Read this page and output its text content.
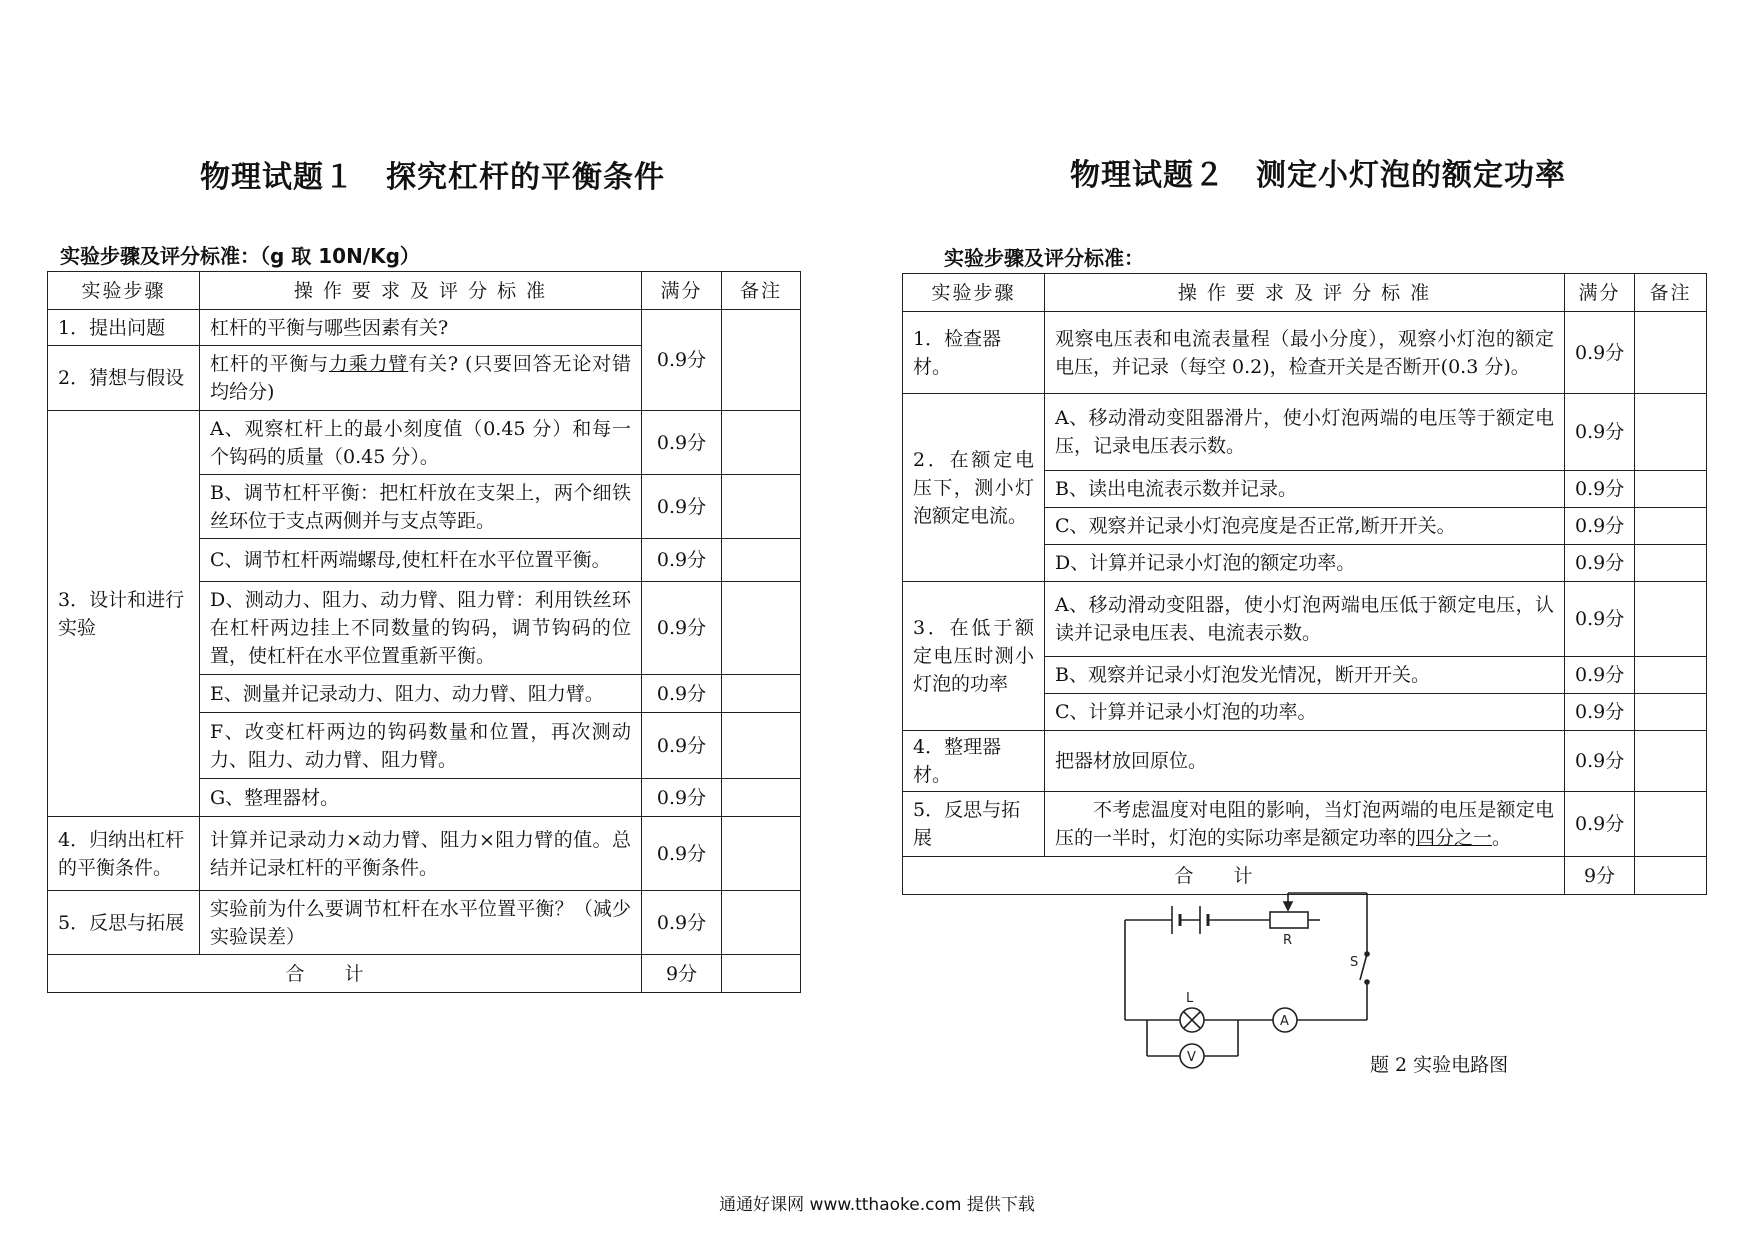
物理试题１　探究杠杆的平衡条件
实验步骤及评分标准：（g 取 10N/Kg）
实验步骤	操 作 要 求 及 评 分 标 准	满分	备注
1．提出问题	杠杆的平衡与哪些因素有关?	0.9分	
2．猜想与假设	杠杆的平衡与力乘力臂有关? (只要回答无论对错均给分)		
3．设计和进行实验	A、观察杠杆上的最小刻度值（0.45 分）和每一个钩码的质量（0.45 分）。	0.9分	
	B、调节杠杆平衡：把杠杆放在支架上，两个细铁丝环位于支点两侧并与支点等距。	0.9分	
	C、调节杠杆两端螺母,使杠杆在水平位置平衡。	0.9分	
	D、测动力、阻力、动力臂、阻力臂：利用铁丝环在杠杆两边挂上不同数量的钩码，调节钩码的位置，使杠杆在水平位置重新平衡。	0.9分	
	E、测量并记录动力、阻力、动力臂、阻力臂。	0.9分	
	F、改变杠杆两边的钩码数量和位置，再次测动力、阻力、动力臂、阻力臂。	0.9分	
	G、整理器材。	0.9分	
4．归纳出杠杆的平衡条件。	计算并记录动力×动力臂、阻力×阻力臂的值。总结并记录杠杆的平衡条件。	0.9分	
5．反思与拓展	实验前为什么要调节杠杆在水平位置平衡？（减少实验误差）	0.9分	
合计		9分	
物理试题２　测定小灯泡的额定功率
实验步骤及评分标准：
实验步骤	操 作 要 求 及 评 分 标 准	满分	备注
1．检查器材。	观察电压表和电流表量程（最小分度），观察小灯泡的额定电压，并记录（每空 0.2)，检查开关是否断开(0.3 分)。	0.9分	
2．在额定电压下，测小灯泡额定电流。	A、移动滑动变阻器滑片，使小灯泡两端的电压等于额定电压，记录电压表示数。	0.9分	
	B、读出电流表示数并记录。	0.9分	
	C、观察并记录小灯泡亮度是否正常,断开开关。	0.9分	
	D、计算并记录小灯泡的额定功率。	0.9分	
3．在低于额定电压时测小灯泡的功率	A、移动滑动变阻器，使小灯泡两端电压低于额定电压，认读并记录电压表、电流表示数。	0.9分	
	B、观察并记录小灯泡发光情况，断开开关。	0.9分	
	C、计算并记录小灯泡的功率。	0.9分	
4．整理器材。	把器材放回原位。	0.9分	
5．反思与拓展	不考虑温度对电阻的影响，当灯泡两端的电压是额定电压的一半时，灯泡的实际功率是额定功率的四分之一。	0.9分	
合计		9分	
R
S
L
A
V	题 2 实验电路图
通通好课网 www.tthaoke.com 提供下载
